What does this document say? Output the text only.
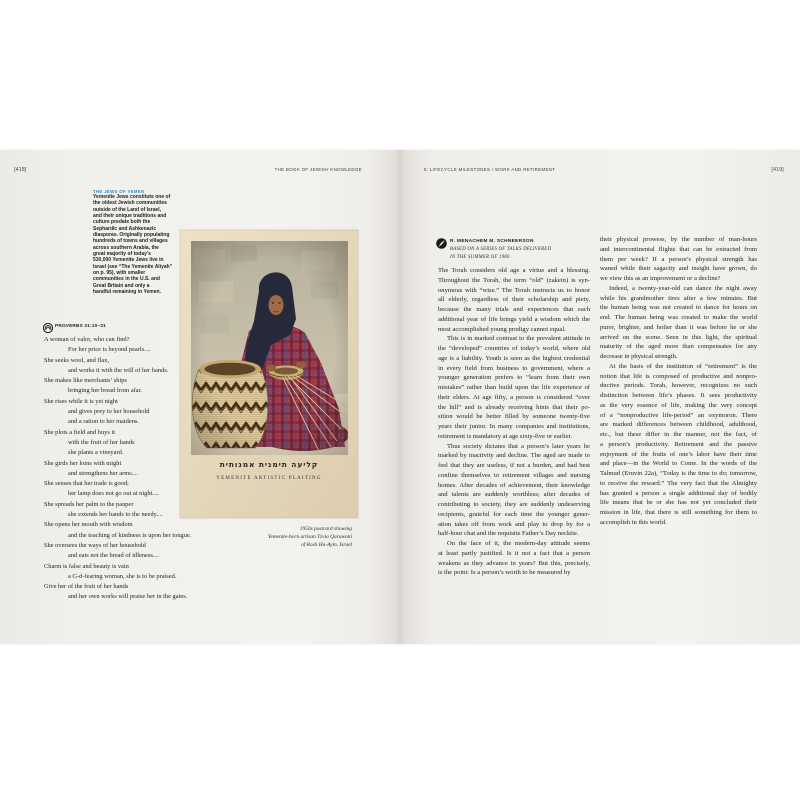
[418]	THE BOOK OF JEWISH KNOWLEDGE	5: LIFECYCLE MILESTONES / WORK AND RETIREMENT	[419]
THE JEWS OF YEMEN
Yemenite Jews constitute one of
the oldest Jewish communities
outside of the Land of Israel,
and their unique traditions and
culture predate both the
Sephardic and Ashkenazic
diasporas. Originally populating
hundreds of towns and villages
across southern Arabia, the
great majority of today’s
530,000 Yemenite Jews live in
Israel (see “The Yemenite Aliyah”
on p. 95), with smaller
communities in the U.S. and
Great Britain and only a
handful remaining in Yemen.
קליעה תימנית אמנותית
YEMENITE ARTISTIC PLAITING
1950s postcard showing
Yemenite-born artisan Tzvia Qarawani
of Rosh Ha-Ayin, Israel
PROVERBS 31:10–31
A woman of valor, who can find?
For her price is beyond pearls....
She seeks wool, and flax,
and works it with the will of her hands.
She makes like merchants’ ships
bringing her bread from afar.
She rises while it is yet night
and gives prey to her household
and a ration to her maidens.
She plots a field and buys it
with the fruit of her hands
she plants a vineyard.
She girds her loins with might
and strengthens her arms....
She senses that her trade is good;
her lamp does not go out at night....
She spreads her palm to the pauper
she extends her hands to the needy....
She opens her mouth with wisdom
and the teaching of kindness is upon her tongue.
She oversees the ways of her household
and eats not the bread of idleness....
Charm is false and beauty is vain
a G-d-fearing woman, she is to be praised.
Give her of the fruit of her hands
and her own works will praise her in the gates.
R. MENACHEM M. SCHNEERSON
BASED ON A SERIES OF TALKS DELIVERED
IN THE SUMMER OF 1980
The Torah considers old age a virtue and a blessing.
Throughout the Torah, the term “old” (zakein) is syn-
onymous with “wise.” The Torah instructs us to honor
all elderly, regardless of their scholarship and piety,
because the many trials and experiences that each
additional year of life brings yield a wisdom which the
most accomplished young prodigy cannot equal.
This is in marked contrast to the prevalent attitude in
the “developed” countries of today’s world, where old
age is a liability. Youth is seen as the highest credential
in every field from business to government, where a
younger generation prefers to “learn from their own
mistakes” rather than build upon the life experience of
their elders. At age fifty, a person is considered “over
the hill” and is already receiving hints that their po-
sition would be better filled by someone twenty-five
years their junior. In many companies and institutions,
retirement is mandatory at age sixty-five or earlier.
Thus society dictates that a person’s later years be
marked by inactivity and decline. The aged are made to
feel that they are useless, if not a burden, and had best
confine themselves to retirement villages and nursing
homes. After decades of achievement, their knowledge
and talents are suddenly worthless; after decades of
contributing to society, they are suddenly undeserving
recipients, grateful for each time the younger gener-
ation takes off from work and play to drop by for a
half-hour chat and the requisite Father’s Day necktie.
On the face of it, the modern-day attitude seems
at least partly justified. Is it not a fact that a person
weakens as they advance in years? But this, precisely,
is the point: Is a person’s worth to be measured by
their physical prowess, by the number of man-hours
and intercontinental flights that can be extracted from
them per week? If a person’s physical strength has
waned while their sagacity and insight have grown, do
we view this as an improvement or a decline?
Indeed, a twenty-year-old can dance the night away
while his grandmother tires after a few minutes. But
the human being was not created to dance for hours on
end. The human being was created to make the world
purer, brighter, and holier than it was before he or she
arrived on the scene. Seen in this light, the spiritual
maturity of the aged more than compensates for any
decrease in physical strength.
At the basis of the institution of “retirement” is the
notion that life is composed of productive and nonpro-
ductive periods. Torah, however, recognizes no such
distinction between life’s phases. It sees productivity
as the very essence of life, making the very concept
of a “nonproductive life-period” an oxymoron. There
are marked differences between childhood, adulthood,
etc., but these differ in the manner, not the fact, of
a person’s productivity. Retirement and the passive
enjoyment of the fruits of one’s labor have their time
and place—in the World to Come. In the words of the
Talmud (Eruvin 22a), “Today is the time to do; tomorrow,
to receive the reward.” The very fact that the Almighty
has granted a person a single additional day of bodily
life means that he or she has not yet concluded their
mission in life, that there is still something for them to
accomplish in this world.
